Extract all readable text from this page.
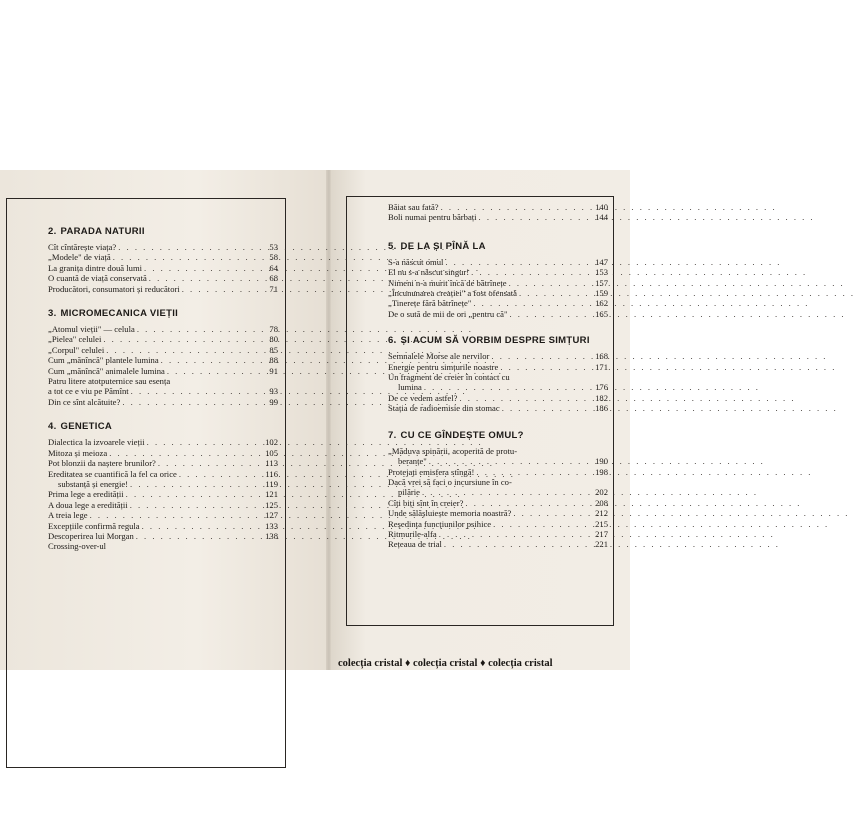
2. PARADA NATURII
Cît cîntărește viața? . . .	53
„Modele" de viață . . .	58
La granița dintre două lumi . . .	64
O cuantă de viață conservată . . .	68
Producători, consumatori și reducători . . .	71
3. MICROMECANICA VIEȚII
„Atomul vieții" — celula . . .	78
„Pielea" celulei . . .	80
„Corpul" celulei . . .	85
Cum „mănîncă" plantele lumina . . .	88
Cum „mănîncă" animalele lumina . . .	91
Patru litere atotputernice sau esența
a tot ce e viu pe Pămînt . . .	93
Din ce sînt alcătuite? . . .	99
4. GENETICA
Dialectica la izvoarele vieții . . .	102
Mitoza și meioza . . .	105
Pot blonzii da naștere brunilor? . . .	113
Ereditatea se cuantifică la fel ca orice . . .	116
substanță și energie! . . .	119
Prima lege a eredității . . .	121
A doua lege a eredității . . .	125
A treia lege . . .	127
Excepțiile confirmă regula . . .	133
Descoperirea lui Morgan . . .	138
Crossing-over-ul
Băiat sau fată? . . .	140
Boli numai pentru bărbați . . .	144
5. DE LA ȘI PÎNĂ LA
S-a născut omul . . .	147
El nu s-a născut singur! . . .	153
Nimeni n-a murit încă de bătrînețe . . .	157
„Încununarea creației" a fost ofensată . . .	159
„Tinerețe fără bătrînețe" . . .	162
De o sută de mii de ori „pentru că" . . .	165
6. ȘI ACUM SĂ VORBIM DESPRE SIMȚURI
Semnalele Morse ale nervilor . . .	168
Energie pentru simțurile noastre . . .	171
Un fragment de creier în contact cu
lumina . . .	176
De ce vedem astfel? . . .	182
Stația de radioemisie din stomac . . .	186
7. CU CE GÎNDEȘTE OMUL?
„Măduva spinării, acoperită de protu-
beranțe" . . .	190
Protejați emisfera stîngă! . . .	198
Dacă vrei să faci o incursiune în co-
pilărie . . .	202
Cîți biți sînt în creier? . . .	208
Unde sălășluiește memoria noastră? . . .	212
Reședința funcțiunilor psihice . . .	215
Ritmurile-alfa . . .	217
Rețeaua de trial . . .	221
colecția cristal ♦ colecția cristal ♦ colecția cristal
